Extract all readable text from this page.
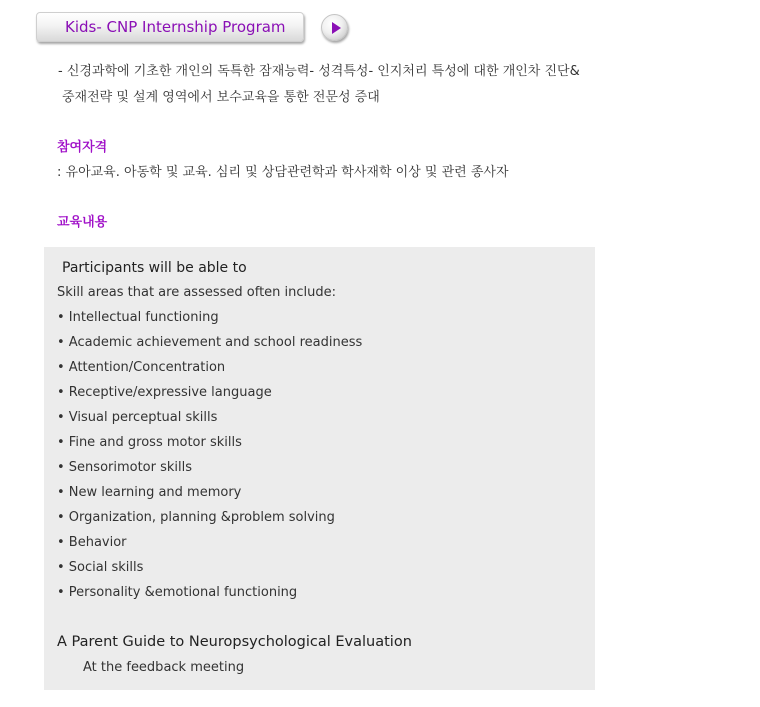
Kids- CNP Internship Program
- 신경과학에 기초한 개인의 독특한 잠재능력- 성격특성- 인지처리 특성에 대한 개인차 진단&
중재전략 및 설계 영역에서 보수교육을 통한 전문성 증대
참여자격
: 유아교육. 아동학 및 교육. 심리 및 상담관련학과 학사재학 이상 및 관련 종사자
교육내용
Participants will be able to
Skill areas that are assessed often include:
• Intellectual functioning
• Academic achievement and school readiness
• Attention/Concentration
• Receptive/expressive language
• Visual perceptual skills
• Fine and gross motor skills
• Sensorimotor skills
• New learning and memory
• Organization, planning &problem solving
• Behavior
• Social skills
• Personality &emotional functioning
A Parent Guide to Neuropsychological Evaluation
At the feedback meeting
